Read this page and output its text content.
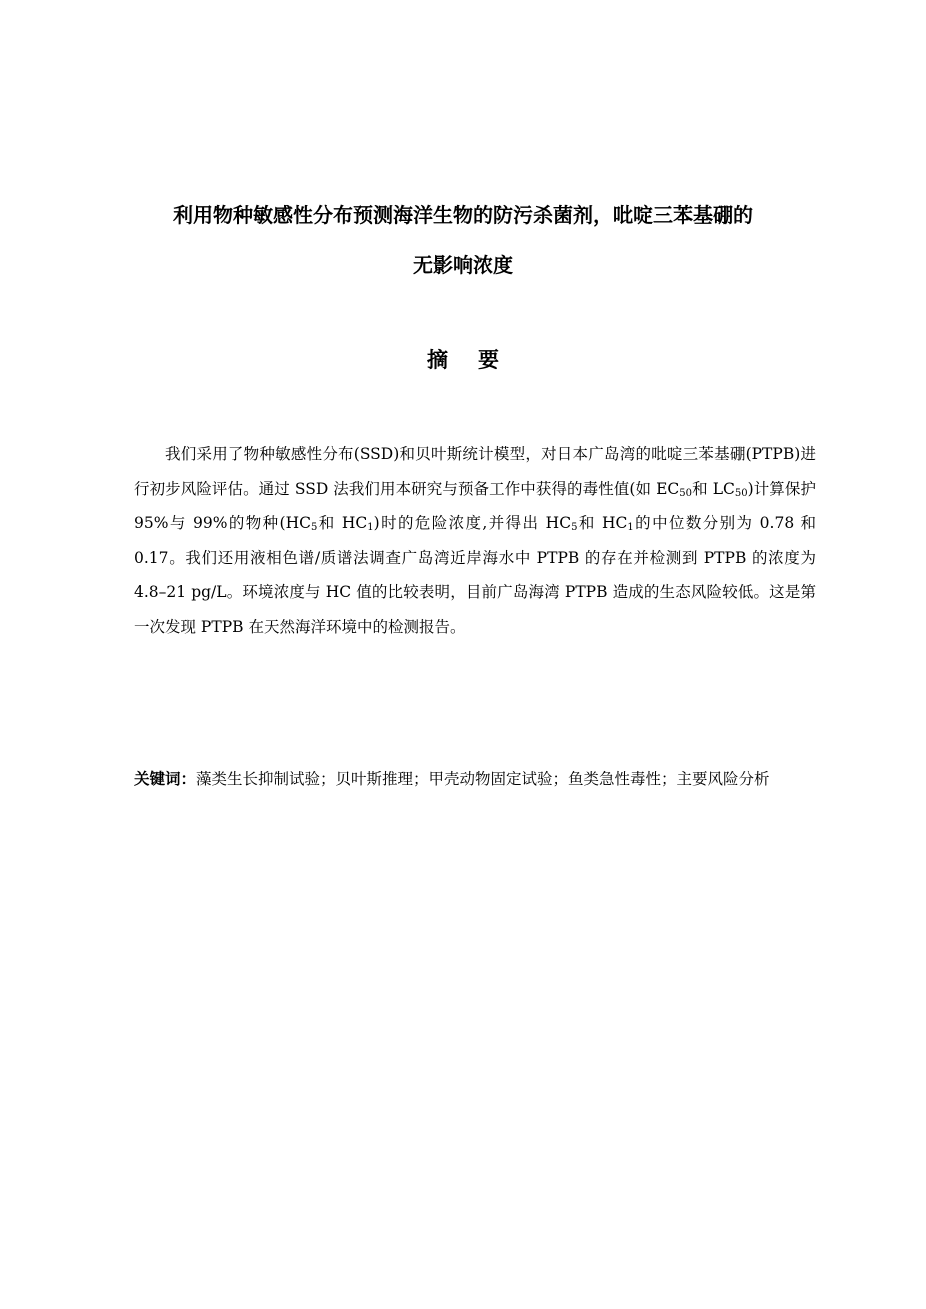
利用物种敏感性分布预测海洋生物的防污杀菌剂，吡啶三苯基硼的
无影响浓度
摘要

我们采用了物种敏感性分布(SSD)和贝叶斯统计模型，对日本广岛湾的吡啶三苯基硼(PTPB)进行初步风险评估。通过 SSD 法我们用本研究与预备工作中获得的毒性值(如 $EC_{50}$和 $LC_{50}$)计算保护 95%与 99%的物种($HC_5$和 $HC_1$)时的危险浓度,并得出 $HC_5$和 $HC_1$的中位数分别为 0.78 和 0.17。我们还用液相色谱/质谱法调查广岛湾近岸海水中 PTPB 的存在并检测到 PTPB 的浓度为 4.8–21 pg/L。环境浓度与 HC 值的比较表明，目前广岛海湾 PTPB 造成的生态风险较低。这是第一次发现 PTPB 在天然海洋环境中的检测报告。

关键词：藻类生长抑制试验；贝叶斯推理；甲壳动物固定试验；鱼类急性毒性；主要风险分析
